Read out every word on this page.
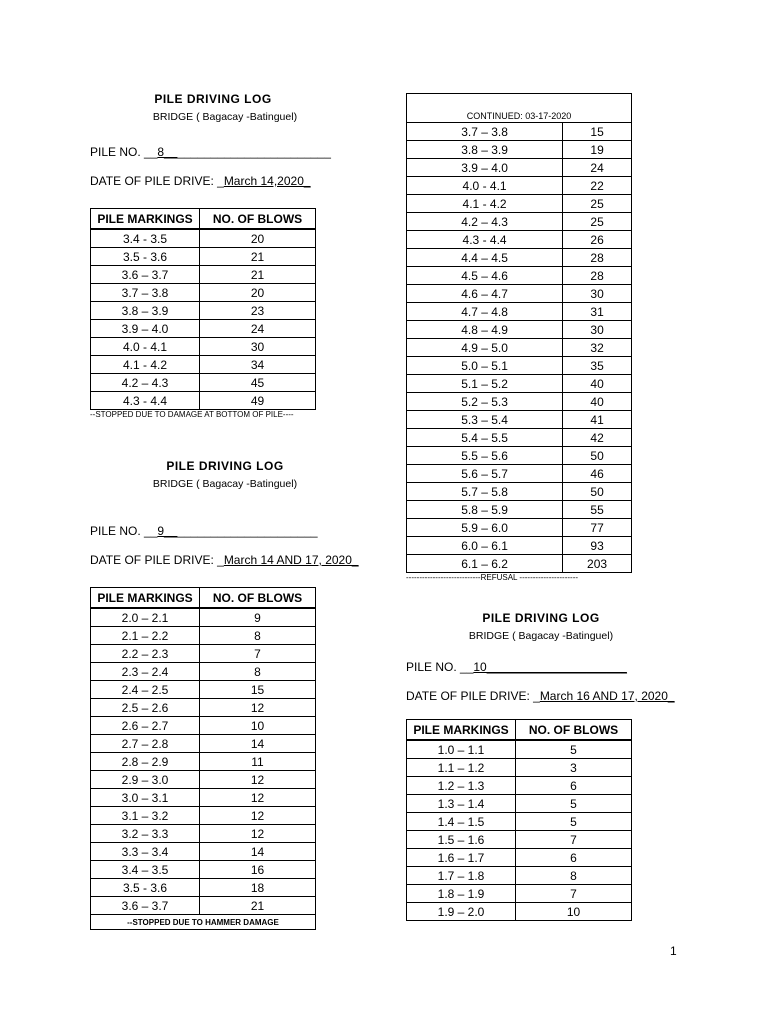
PILE DRIVING LOG
BRIDGE ( Bagacay -Batinguel)
PILE NO. __8_________________________
DATE OF PILE DRIVE: _March 14,2020_
PILE MARKINGS	NO. OF BLOWS
3.4 - 3.5	20
3.5 - 3.6	21
3.6 – 3.7	21
3.7 – 3.8	20
3.8 – 3.9	23
3.9 – 4.0	24
4.0 - 4.1	30
4.1 - 4.2	34
4.2 – 4.3	45
4.3 - 4.4	49
--STOPPED DUE TO DAMAGE AT BOTTOM OF PILE----
PILE DRIVING LOG
BRIDGE ( Bagacay -Batinguel)
PILE NO. __9_______________________
DATE OF PILE DRIVE: _March 14 AND 17, 2020_
PILE MARKINGS	NO. OF BLOWS
2.0 – 2.1	9
2.1 – 2.2	8
2.2 – 2.3	7
2.3 – 2.4	8
2.4 – 2.5	15
2.5 – 2.6	12
2.6 – 2.7	10
2.7 – 2.8	14
2.8 – 2.9	11
2.9 – 3.0	12
3.0 – 3.1	12
3.1 – 3.2	12
3.2 – 3.3	12
3.3 – 3.4	14
3.4 – 3.5	16
3.5 - 3.6	18
3.6 – 3.7	21
--STOPPED DUE TO HAMMER DAMAGE	
CONTINUED: 03-17-2020	
3.7 – 3.8	15
3.8 – 3.9	19
3.9 – 4.0	24
4.0 - 4.1	22
4.1 - 4.2	25
4.2 – 4.3	25
4.3 - 4.4	26
4.4 – 4.5	28
4.5 – 4.6	28
4.6 – 4.7	30
4.7 – 4.8	31
4.8 – 4.9	30
4.9 – 5.0	32
5.0 – 5.1	35
5.1 – 5.2	40
5.2 – 5.3	40
5.3 – 5.4	41
5.4 – 5.5	42
5.5 – 5.6	50
5.6 – 5.7	46
5.7 – 5.8	50
5.8 – 5.9	55
5.9 – 6.0	77
6.0 – 6.1	93
6.1 – 6.2	203
----------------------------REFUSAL ----------------------
PILE DRIVING LOG
BRIDGE ( Bagacay -Batinguel)
PILE NO. __10_____________________
DATE OF PILE DRIVE: _March 16 AND 17, 2020_
PILE MARKINGS	NO. OF BLOWS
1.0 – 1.1	5
1.1 – 1.2	3
1.2 – 1.3	6
1.3 – 1.4	5
1.4 – 1.5	5
1.5 – 1.6	7
1.6 – 1.7	6
1.7 – 1.8	8
1.8 – 1.9	7
1.9 – 2.0	10
1
